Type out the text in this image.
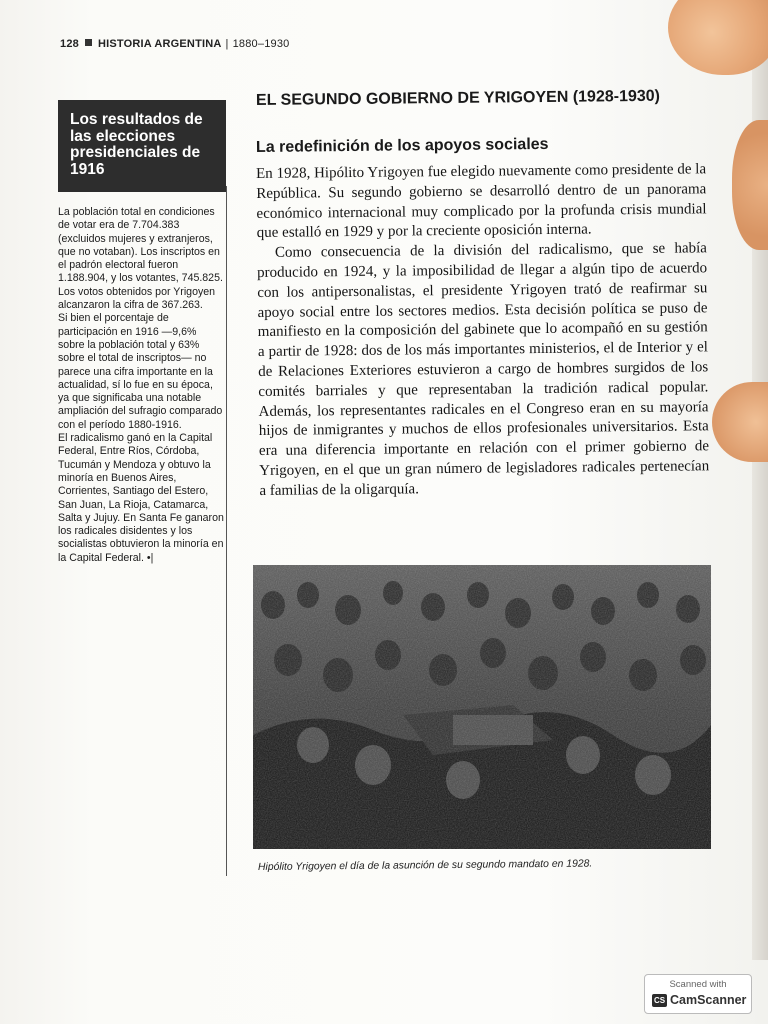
128 HISTORIA ARGENTINA | 1880–1930
Los resultados de las elecciones presidenciales de 1916

La población total en condiciones de votar era de 7.704.383 (excluidos mujeres y extranjeros, que no votaban). Los inscriptos en el padrón electoral fueron 1.188.904, y los votantes, 745.825. Los votos obtenidos por Yrigoyen alcanzaron la cifra de 367.263.

Si bien el porcentaje de participación en 1916 —9,6% sobre la población total y 63% sobre el total de inscriptos— no parece una cifra importante en la actualidad, sí lo fue en su época, ya que significaba una notable ampliación del sufragio comparado con el período 1880-1916.

El radicalismo ganó en la Capital Federal, Entre Ríos, Córdoba, Tucumán y Mendoza y obtuvo la minoría en Buenos Aires, Corrientes, Santiago del Estero, San Juan, La Rioja, Catamarca, Salta y Jujuy. En Santa Fe ganaron los radicales disidentes y los socialistas obtuvieron la minoría en la Capital Federal. •|

EL SEGUNDO GOBIERNO DE YRIGOYEN (1928-1930)
La redefinición de los apoyos sociales

En 1928, Hipólito Yrigoyen fue elegido nuevamente como presidente de la República. Su segundo gobierno se desarrolló dentro de un panorama económico internacional muy complicado por la profunda crisis mundial que estalló en 1929 y por la creciente oposición interna.

Como consecuencia de la división del radicalismo, que se había producido en 1924, y la imposibilidad de llegar a algún tipo de acuerdo con los antipersonalistas, el presidente Yrigoyen trató de reafirmar su apoyo social entre los sectores medios. Esta decisión política se puso de manifiesto en la composición del gabinete que lo acompañó en su gestión a partir de 1928: dos de los más importantes ministerios, el de Interior y el de Relaciones Exteriores estuvieron a cargo de hombres surgidos de los comités barriales y que representaban la tradición radical popular. Además, los representantes radicales en el Congreso eran en su mayoría hijos de inmigrantes y muchos de ellos profesionales universitarios. Esta era una diferencia importante en relación con el primer gobierno de Yrigoyen, en el que un gran número de legisladores radicales pertenecían a familias de la oligarquía.

Hipólito Yrigoyen el día de la asunción de su segundo mandato en 1928.
Scanned with
CS CamScanner
